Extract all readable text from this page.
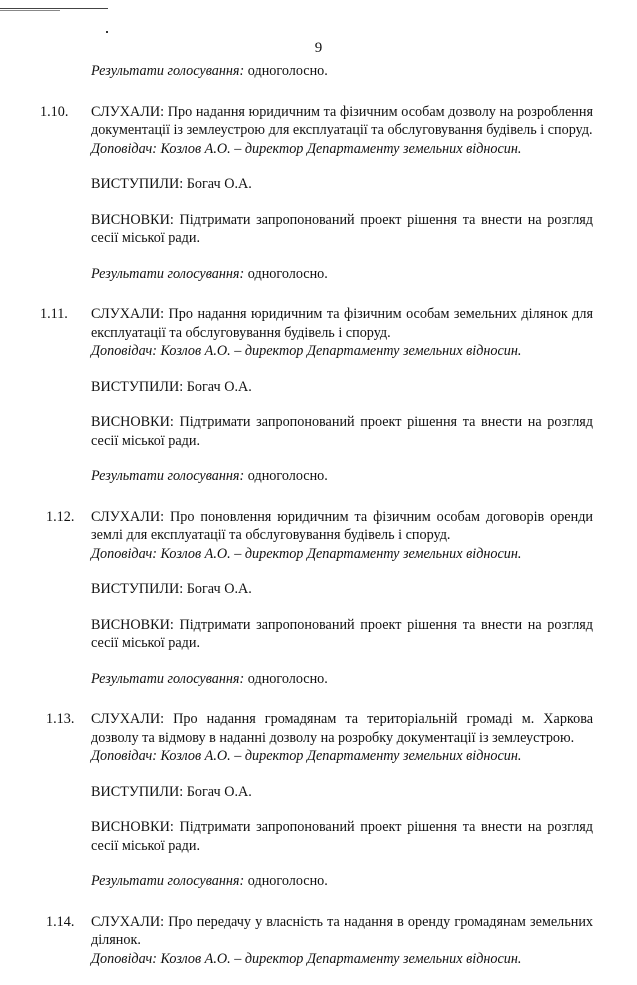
9
Результати голосування: одноголосно.
1.10. СЛУХАЛИ: Про надання юридичним та фізичним особам дозволу на розроблення документації із землеустрою для експлуатації та обслуговування будівель і споруд.
Доповідач: Козлов А.О. – директор Департаменту земельних відносин.
ВИСТУПИЛИ: Богач О.А.
ВИСНОВКИ: Підтримати запропонований проект рішення та внести на розгляд сесії міської ради.
Результати голосування: одноголосно.
1.11. СЛУХАЛИ: Про надання юридичним та фізичним особам земельних ділянок для експлуатації та обслуговування будівель і споруд.
Доповідач: Козлов А.О. – директор Департаменту земельних відносин.
ВИСТУПИЛИ: Богач О.А.
ВИСНОВКИ: Підтримати запропонований проект рішення та внести на розгляд сесії міської ради.
Результати голосування: одноголосно.
1.12. СЛУХАЛИ: Про поновлення юридичним та фізичним особам договорів оренди землі для експлуатації та обслуговування будівель і споруд.
Доповідач: Козлов А.О. – директор Департаменту земельних відносин.
ВИСТУПИЛИ: Богач О.А.
ВИСНОВКИ: Підтримати запропонований проект рішення та внести на розгляд сесії міської ради.
Результати голосування: одноголосно.
1.13. СЛУХАЛИ: Про надання громадянам та територіальній громаді м. Харкова дозволу та відмову в наданні дозволу на розробку документації із землеустрою.
Доповідач: Козлов А.О. – директор Департаменту земельних відносин.
ВИСТУПИЛИ: Богач О.А.
ВИСНОВКИ: Підтримати запропонований проект рішення та внести на розгляд сесії міської ради.
Результати голосування: одноголосно.
1.14. СЛУХАЛИ: Про передачу у власність та надання в оренду громадянам земельних ділянок.
Доповідач: Козлов А.О. – директор Департаменту земельних відносин.
